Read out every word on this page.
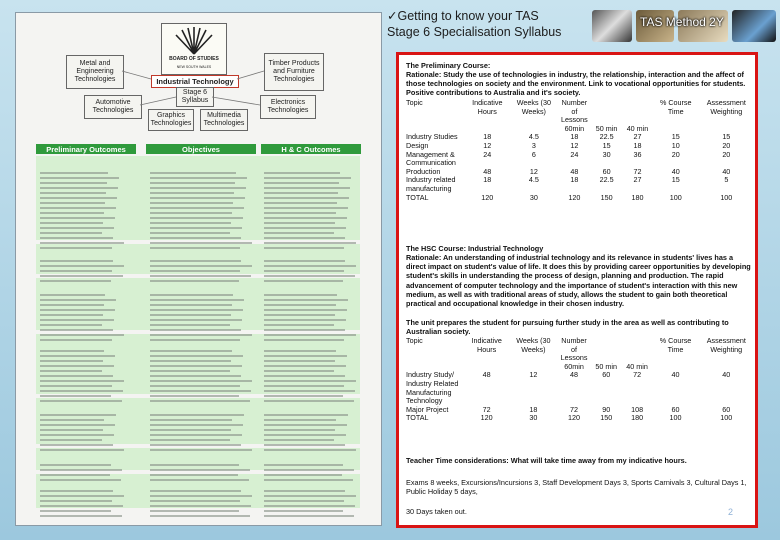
✓Getting to know your TAS
Stage 6 Specialisation Syllabus
TAS Method 2Y
BOARD OF STUDIES
NEW SOUTH WALES
Industrial Technology
Stage 6
Syllabus
Metal and Engineering Technologies
Automotive Technologies
Timber Products and Furniture Technologies
Electronics Technologies
Graphics Technologies
Multimedia Technologies
Preliminary Outcomes	Objectives	H & C Outcomes
The Preliminary Course:
Rationale: Study the use of technologies in industry, the relationship, interaction and the affect of those technologies on society and the environment. Link to vocational opportunities for students. Positive contributions to Australia and it's society.
Topic	Indicative Hours	Weeks (30 Weeks)	Number of Lessons			% Course Time	Assessment Weighting
			60min	50 min	40 min		
Industry Studies	18	4.5	18	22.5	27	15	15
Design	12	3	12	15	18	10	20
Management & Communication	24	6	24	30	36	20	20
Production	48	12	48	60	72	40	40
Industry related manufacturing	18	4.5	18	22.5	27	15	5
TOTAL	120	30	120	150	180	100	100
The HSC Course: Industrial Technology
Rationale: An understanding of industrial technology and its relevance in students' lives has a direct impact on student's value of life. It does this by providing career opportunities by developing student's skills in understanding the process of design, planning and production. The rapid advancement of computer technology and the importance of student's interaction with this new medium, as well as with traditional areas of study, allows the student to gain both theoretical practical and occupational knowledge in their chosen industry.
The unit prepares the student for pursuing further study in the area as well as contributing to Australian society.
Topic	Indicative Hours	Weeks (30 Weeks)	Number of Lessons			% Course Time	Assessment Weighting
			60min	50 min	40 min		
Industry Study/ Industry Related Manufacturing Technology	48	12	48	60	72	40	40
Major Project	72	18	72	90	108	60	60
TOTAL	120	30	120	150	180	100	100
Teacher Time considerations: What will take time away from my indicative hours.
Exams 8 weeks, Excursions/Incursions 3, Staff Development Days 3, Sports Carnivals 3, Cultural Days 1, Public Holiday 5 days,
30 Days taken out.	2
